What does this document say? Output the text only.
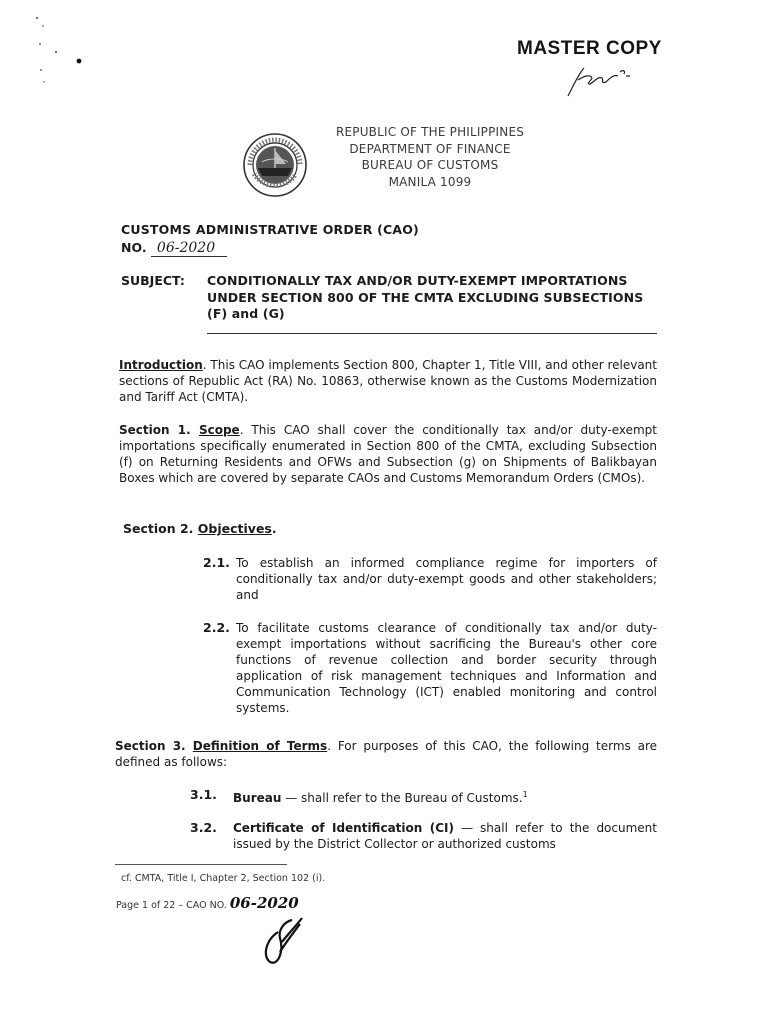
MASTER COPY
REPUBLIC OF THE PHILIPPINES
DEPARTMENT OF FINANCE
BUREAU OF CUSTOMS
MANILA 1099
CUSTOMS ADMINISTRATIVE ORDER (CAO)
NO. 06-2020
SUBJECT: CONDITIONALLY TAX AND/OR DUTY-EXEMPT IMPORTATIONS UNDER SECTION 800 OF THE CMTA EXCLUDING SUBSECTIONS (F) and (G)
Introduction. This CAO implements Section 800, Chapter 1, Title VIII, and other relevant sections of Republic Act (RA) No. 10863, otherwise known as the Customs Modernization and Tariff Act (CMTA).
Section 1. Scope. This CAO shall cover the conditionally tax and/or duty-exempt importations specifically enumerated in Section 800 of the CMTA, excluding Subsection (f) on Returning Residents and OFWs and Subsection (g) on Shipments of Balikbayan Boxes which are covered by separate CAOs and Customs Memorandum Orders (CMOs).
Section 2. Objectives.
2.1. To establish an informed compliance regime for importers of conditionally tax and/or duty-exempt goods and other stakeholders; and
2.2. To facilitate customs clearance of conditionally tax and/or duty-exempt importations without sacrificing the Bureau's other core functions of revenue collection and border security through application of risk management techniques and Information and Communication Technology (ICT) enabled monitoring and control systems.
Section 3. Definition of Terms. For purposes of this CAO, the following terms are defined as follows:
3.1. Bureau — shall refer to the Bureau of Customs.$^1$
3.2. Certificate of Identification (CI) — shall refer to the document issued by the District Collector or authorized customs
cf. CMTA, Title I, Chapter 2, Section 102 (i).
Page 1 of 22 – CAO NO. 06-2020
